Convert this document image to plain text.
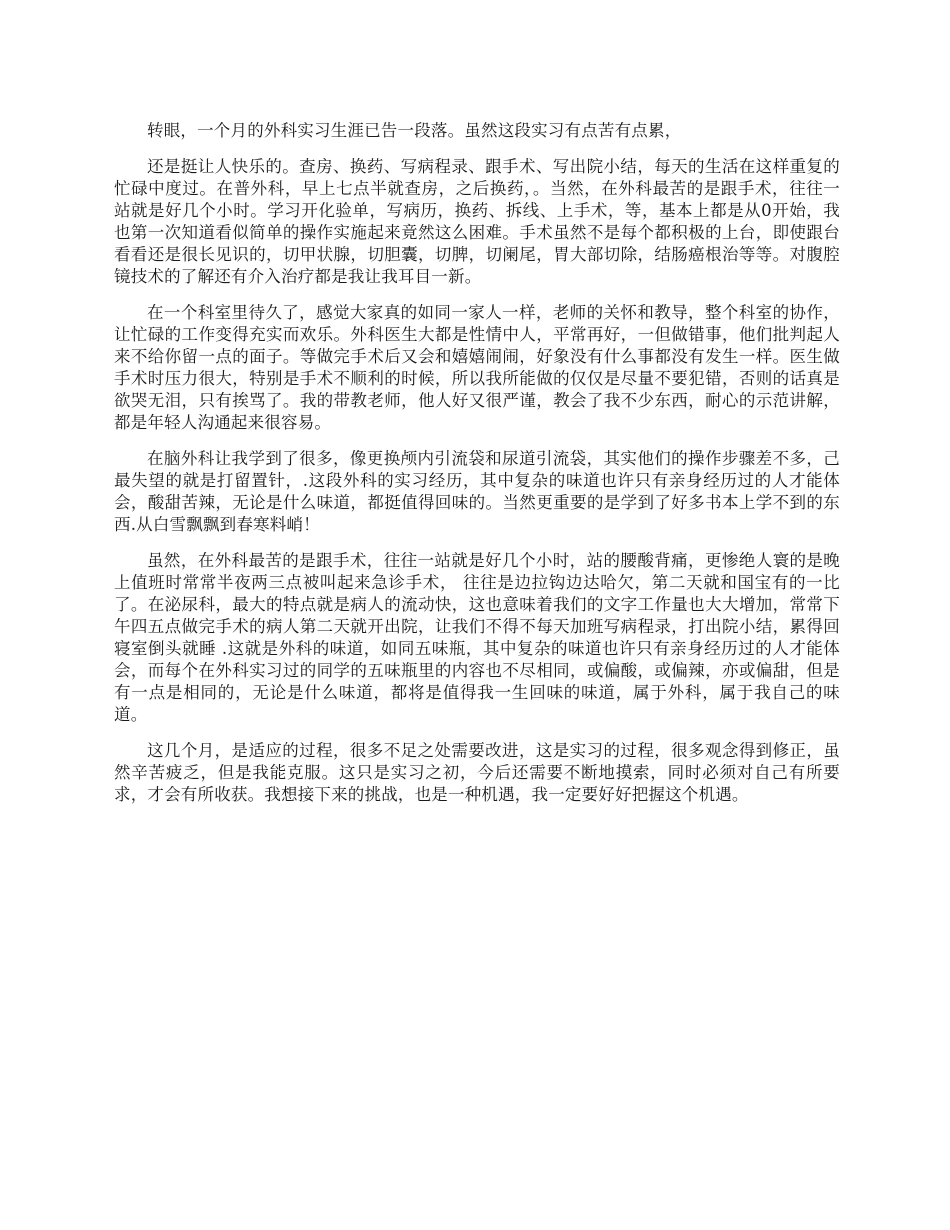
转眼，一个月的外科实习生涯已告一段落。虽然这段实习有点苦有点累，

还是挺让人快乐的。查房、换药、写病程录、跟手术、写出院小结，每天的生活在这样重复的忙碌中度过。在普外科，早上七点半就查房，之后换药，。当然，在外科最苦的是跟手术，往往一站就是好几个小时。学习开化验单，写病历，换药、拆线、上手术，等，基本上都是从0开始，我也第一次知道看似简单的操作实施起来竟然这么困难。手术虽然不是每个都积极的上台，即使跟台看看还是很长见识的，切甲状腺，切胆囊，切脾，切阑尾，胃大部切除，结肠癌根治等等。对腹腔镜技术的了解还有介入治疗都是我让我耳目一新。

在一个科室里待久了，感觉大家真的如同一家人一样，老师的关怀和教导，整个科室的协作，让忙碌的工作变得充实而欢乐。外科医生大都是性情中人，平常再好，一但做错事，他们批判起人来不给你留一点的面子。等做完手术后又会和嬉嬉闹闹，好象没有什么事都没有发生一样。医生做手术时压力很大，特别是手术不顺利的时候，所以我所能做的仅仅是尽量不要犯错，否则的话真是欲哭无泪，只有挨骂了。我的带教老师，他人好又很严谨，教会了我不少东西，耐心的示范讲解，都是年轻人沟通起来很容易。

在脑外科让我学到了很多，像更换颅内引流袋和尿道引流袋，其实他们的操作步骤差不多，己最失望的就是打留置针，.这段外科的实习经历，其中复杂的味道也许只有亲身经历过的人才能体会，酸甜苦辣，无论是什么味道，都挺值得回味的。当然更重要的是学到了好多书本上学不到的东西.从白雪飘飘到春寒料峭！

虽然，在外科最苦的是跟手术，往往一站就是好几个小时，站的腰酸背痛，更惨绝人寰的是晚上值班时常常半夜两三点被叫起来急诊手术， 往往是边拉钩边达哈欠，第二天就和国宝有的一比了。在泌尿科，最大的特点就是病人的流动快，这也意味着我们的文字工作量也大大增加，常常下午四五点做完手术的病人第二天就开出院，让我们不得不每天加班写病程录，打出院小结，累得回寝室倒头就睡 .这就是外科的味道，如同五味瓶，其中复杂的味道也许只有亲身经历过的人才能体会，而每个在外科实习过的同学的五味瓶里的内容也不尽相同，或偏酸，或偏辣，亦或偏甜，但是有一点是相同的，无论是什么味道，都将是值得我一生回味的味道，属于外科，属于我自己的味道。

这几个月，是适应的过程，很多不足之处需要改进，这是实习的过程，很多观念得到修正，虽然辛苦疲乏，但是我能克服。这只是实习之初，今后还需要不断地摸索，同时必须对自己有所要求，才会有所收获。我想接下来的挑战，也是一种机遇，我一定要好好把握这个机遇。
